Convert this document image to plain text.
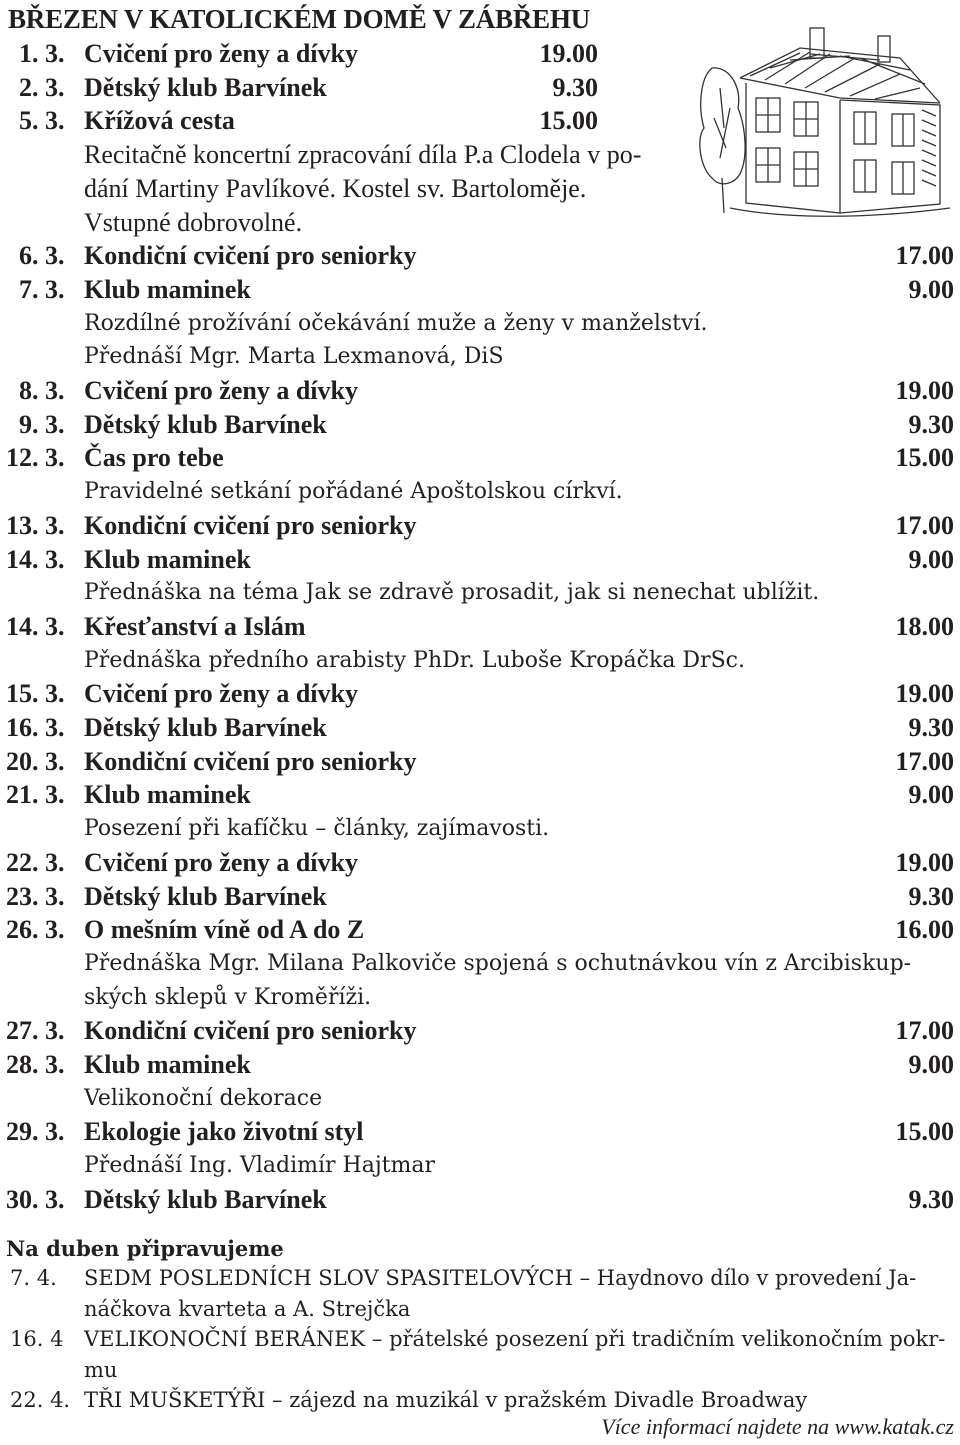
BŘEZEN V KATOLICKÉM DOMĚ V ZÁBŘEHU
1. 3. Cvičení pro ženy a dívky	19.00
2. 3. Dětský klub Barvínek	9.30
5. 3. Křížová cesta	15.00
Recitačně koncertní zpracování díla P.a Clodela v po-
dání Martiny Pavlíkové. Kostel sv. Bartoloměje.
Vstupné dobrovolné.
6. 3. Kondiční cvičení pro seniorky	17.00
7. 3. Klub maminek	9.00
Rozdílné prožívání očekávání muže a ženy v manželství.
Přednáší Mgr. Marta Lexmanová, DiS
8. 3. Cvičení pro ženy a dívky	19.00
9. 3. Dětský klub Barvínek	9.30
12. 3. Čas pro tebe	15.00
Pravidelné setkání pořádané Apoštolskou církví.
13. 3. Kondiční cvičení pro seniorky	17.00
14. 3. Klub maminek	9.00
Přednáška na téma Jak se zdravě prosadit, jak si nenechat ublížit.
14. 3. Křesťanství a Islám	18.00
Přednáška předního arabisty PhDr. Luboše Kropáčka DrSc.
15. 3. Cvičení pro ženy a dívky	19.00
16. 3. Dětský klub Barvínek	9.30
20. 3. Kondiční cvičení pro seniorky	17.00
21. 3. Klub maminek	9.00
Posezení při kafíčku – články, zajímavosti.
22. 3. Cvičení pro ženy a dívky	19.00
23. 3. Dětský klub Barvínek	9.30
26. 3. O mešním víně od A do Z	16.00
Přednáška Mgr. Milana Palkoviče spojená s ochutnávkou vín z Arcibiskup-
ských sklepů v Kroměříži.
27. 3. Kondiční cvičení pro seniorky	17.00
28. 3. Klub maminek	9.00
Velikonoční dekorace
29. 3. Ekologie jako životní styl	15.00
Přednáší Ing. Vladimír Hajtmar
30. 3. Dětský klub Barvínek	9.30
Na duben připravujeme
7. 4. SEDM POSLEDNÍCH SLOV SPASITELOVÝCH – Haydnovo dílo v provedení Ja-
náčkova kvarteta a A. Strejčka
16. 4 VELIKONOČNÍ BERÁNEK – přátelské posezení při tradičním velikonočním pokr-
mu
22. 4. TŘI MUŠKETÝŘI – zájezd na muzikál v pražském Divadle Broadway
Více informací najdete na www.katak.cz
